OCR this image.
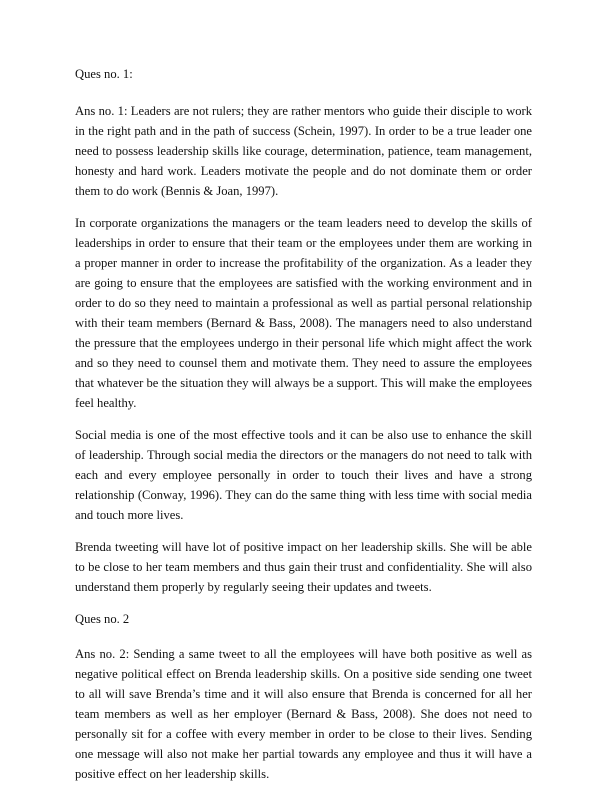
Ques no. 1:

Ans no. 1: Leaders are not rulers; they are rather mentors who guide their disciple to work in the right path and in the path of success (Schein, 1997). In order to be a true leader one need to possess leadership skills like courage, determination, patience, team management, honesty and hard work. Leaders motivate the people and do not dominate them or order them to do work (Bennis & Joan, 1997).

In corporate organizations the managers or the team leaders need to develop the skills of leaderships in order to ensure that their team or the employees under them are working in a proper manner in order to increase the profitability of the organization. As a leader they are going to ensure that the employees are satisfied with the working environment and in order to do so they need to maintain a professional as well as partial personal relationship with their team members (Bernard & Bass, 2008). The managers need to also understand the pressure that the employees undergo in their personal life which might affect the work and so they need to counsel them and motivate them. They need to assure the employees that whatever be the situation they will always be a support. This will make the employees feel healthy.

Social media is one of the most effective tools and it can be also use to enhance the skill of leadership. Through social media the directors or the managers do not need to talk with each and every employee personally in order to touch their lives and have a strong relationship (Conway, 1996). They can do the same thing with less time with social media and touch more lives.

Brenda tweeting will have lot of positive impact on her leadership skills. She will be able to be close to her team members and thus gain their trust and confidentiality. She will also understand them properly by regularly seeing their updates and tweets.

Ques no. 2

Ans no. 2: Sending a same tweet to all the employees will have both positive as well as negative political effect on Brenda leadership skills. On a positive side sending one tweet to all will save Brenda’s time and it will also ensure that Brenda is concerned for all her team members as well as her employer (Bernard & Bass, 2008). She does not need to personally sit for a coffee with every member in order to be close to their lives. Sending one message will also not make her partial towards any employee and thus it will have a positive effect on her leadership skills.
